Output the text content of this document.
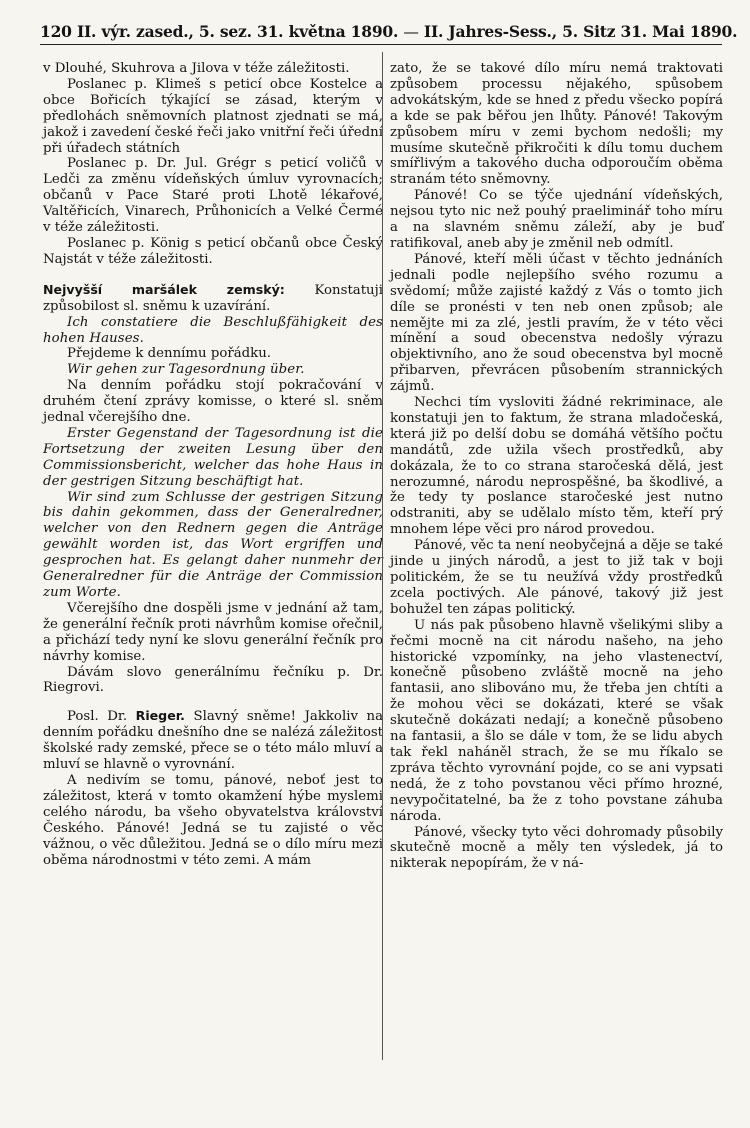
120 II. výr. zased., 5. sez. 31. května 1890. — II. Jahres-Sess., 5. Sitz 31. Mai 1890.

v Dlouhé, Skuhrova a Jilova v téže záležitosti.

Poslanec p. Klimeš s peticí obce Kostelce a obce Bořicích týkající se zásad, kterým v předlohách sněmovních platnost zjednati se má, jakož i zavedení české řeči jako vnitřní řeči úřední při úřadech státních

Poslanec p. Dr. Jul. Grégr s peticí voličů v Ledči za změnu vídeňských úmluv vyrovnacích; občanů v Pace Staré proti Lhotě lékařové, Valtěřicích, Vinarech, Průhonicích a Velké Čermé v téže záležitosti.

Poslanec p. König s peticí občanů obce Český Najstát v téže záležitosti.

Nejvyšší maršálek zemský: Konstatuji způsobilost sl. sněmu k uzavírání.

Ich constatiere die Beschlußfähigkeit des hohen Hauses.

Přejdeme k dennímu pořádku.

Wir gehen zur Tagesordnung über.

Na denním pořádku stojí pokračování v druhém čtení zprávy komisse, o které sl. sněm jednal včerejšího dne.

Erster Gegenstand der Tagesordnung ist die Fortsetzung der zweiten Lesung über den Commissionsbericht, welcher das hohe Haus in der gestrigen Sitzung beschäftigt hat.

Wir sind zum Schlusse der gestrigen Sitzung bis dahin gekommen, dass der Generalredner, welcher von den Rednern gegen die Anträge gewählt worden ist, das Wort ergriffen und gesprochen hat. Es gelangt daher nunmehr der Generalredner für die Anträge der Commission zum Worte.

Včerejšího dne dospěli jsme v jednání až tam, že generální řečník proti návrhům komise ořečnil, a přichází tedy nyní ke slovu generální řečník pro návrhy komise.

Dávám slovo generálnímu řečníku p. Dr. Riegrovi.

Posl. Dr. Rieger. Slavný sněme! Jakkoliv na denním pořádku dnešního dne se nalézá záležitost školské rady zemské, přece se o této málo mluví a mluví se hlavně o vyrovnání.

A nedivím se tomu, pánové, neboť jest to záležitost, která v tomto okamžení hýbe myslemi celého národu, ba všeho obyvatelstva království Českého. Pánové! Jedná se tu zajisté o věc vážnou, o věc důležitou. Jedná se o dílo míru mezi oběma národnostmi v této zemi. A mám

zato, že se takové dílo míru nemá traktovati způsobem processu nějakého, spůsobem advokátským, kde se hned z předu všecko popírá a kde se pak běřou jen lhůty. Pánové! Takovým způsobem míru v zemi bychom nedošli; my musíme skutečně přikročiti k dílu tomu duchem smířlivým a takového ducha odporoučím oběma stranám této sněmovny.

Pánové! Co se týče ujednání vídeňských, nejsou tyto nic než pouhý praeliminář toho míru a na slavném sněmu záleží, aby je buď ratifikoval, aneb aby je změnil neb odmítl.

Pánové, kteří měli účast v těchto jednáních jednali podle nejlepšího svého rozumu a svědomí; může zajisté každý z Vás o tomto jich díle se pronésti v ten neb onen způsob; ale nemějte mi za zlé, jestli pravím, že v této věci mínění a soud obecenstva nedošly výrazu objektivního, ano že soud obecenstva byl mocně přibarven, převrácen působením strannických zájmů.

Nechci tím vysloviti žádné rekriminace, ale konstatuji jen to faktum, že strana mladočeská, která již po delší dobu se domáhá většího počtu mandátů, zde užila všech prostředků, aby dokázala, že to co strana staročeská dělá, jest nerozumné, národu neprospěšné, ba škodlivé, a že tedy ty poslance staročeské jest nutno odstraniti, aby se udělalo místo těm, kteří prý mnohem lépe věci pro národ provedou.

Pánové, věc ta není neobyčejná a děje se také jinde u jiných národů, a jest to již tak v boji politickém, že se tu neužívá vždy prostředků zcela poctivých. Ale pánové, takový již jest bohužel ten zápas politický.

U nás pak působeno hlavně všelikými sliby a řečmi mocně na cit národu našeho, na jeho historické vzpomínky, na jeho vlastenectví, konečně působeno zvláště mocně na jeho fantasii, ano slibováno mu, že třeba jen chtíti a že mohou věci se dokázati, které se však skutečně dokázati nedají; a konečně působeno na fantasii, a šlo se dále v tom, že se lidu abych tak řekl naháněl strach, že se mu říkalo se zpráva těchto vyrovnání pojde, co se ani vypsati nedá, že z toho povstanou věci přímo hrozné, nevypočitatelné, ba že z toho povstane záhuba národa.

Pánové, všecky tyto věci dohromady působily skutečně mocně a měly ten výsledek, já to nikterak nepopírám, že v ná-
